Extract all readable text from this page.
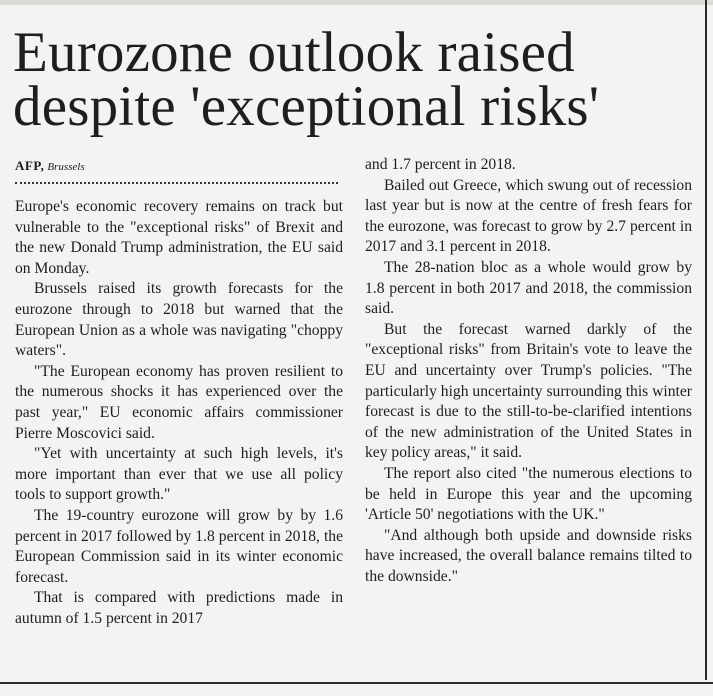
Eurozone outlook raised despite 'exceptional risks'
AFP, Brussels

Europe's economic recovery remains on track but vulnerable to the "exceptional risks" of Brexit and the new Donald Trump administration, the EU said on Monday.

Brussels raised its growth forecasts for the eurozone through to 2018 but warned that the European Union as a whole was navigating "choppy waters".

"The European economy has proven resilient to the numerous shocks it has experienced over the past year," EU economic affairs commissioner Pierre Moscovici said.

"Yet with uncertainty at such high levels, it's more important than ever that we use all policy tools to support growth."

The 19-country eurozone will grow by by 1.6 percent in 2017 followed by 1.8 percent in 2018, the European Commission said in its winter economic forecast.

That is compared with predictions made in autumn of 1.5 percent in 2017

and 1.7 percent in 2018.

Bailed out Greece, which swung out of recession last year but is now at the centre of fresh fears for the eurozone, was forecast to grow by 2.7 percent in 2017 and 3.1 percent in 2018.

The 28-nation bloc as a whole would grow by 1.8 percent in both 2017 and 2018, the commission said.

But the forecast warned darkly of the "exceptional risks" from Britain's vote to leave the EU and uncertainty over Trump's policies. "The particularly high uncertainty surrounding this winter forecast is due to the still-to-be-clarified intentions of the new administration of the United States in key policy areas," it said.

The report also cited "the numerous elections to be held in Europe this year and the upcoming 'Article 50' negotiations with the UK."

"And although both upside and downside risks have increased, the overall balance remains tilted to the downside."
